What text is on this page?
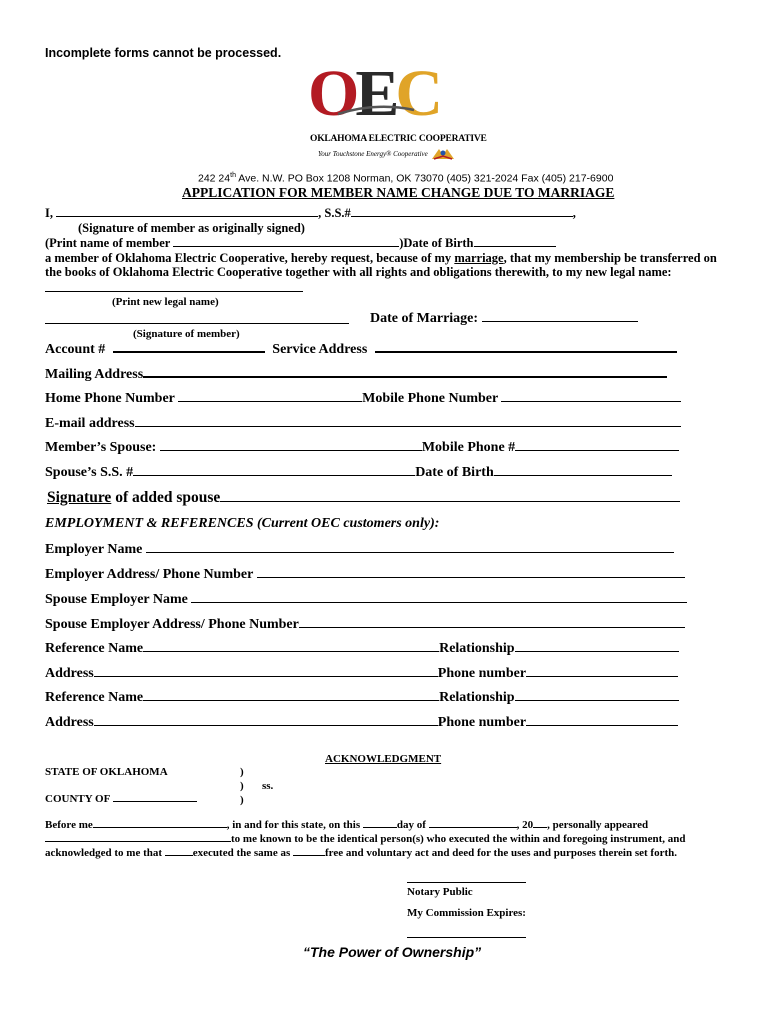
Incomplete forms cannot be processed.
OEC
OKLAHOMA ELECTRIC COOPERATIVE
Your Touchstone Energy® Cooperative
242 24th Ave. N.W. PO Box 1208 Norman, OK 73070 (405) 321-2024 Fax (405) 217-6900
APPLICATION FOR MEMBER NAME CHANGE DUE TO MARRIAGE
I,	, S.S.#	,
(Signature of member as originally signed)
(Print name of member	)Date of Birth
a member of Oklahoma Electric Cooperative, hereby request, because of my marriage, that my membership be transferred on
the books of Oklahoma Electric Cooperative together with all rights and obligations therewith, to my new legal name:
(Print new legal name)
Date of Marriage:
(Signature of member)
Account #	Service Address
Mailing Address
Home Phone Number	Mobile Phone Number
E-mail address
Member’s Spouse:	Mobile Phone #
Spouse’s S.S. #	Date of Birth
Signature of added spouse
EMPLOYMENT & REFERENCES (Current OEC customers only):
Employer Name
Employer Address/ Phone Number
Spouse Employer Name
Spouse Employer Address/ Phone Number
Reference Name	Relationship
Address	Phone number
Reference Name	Relationship
Address	Phone number
ACKNOWLEDGMENT
STATE OF OKLAHOMA
COUNTY OF
)
)
)
ss.
Before me	, in and for this state, on this	day of	, 20 , personally appeared
to me known to be the identical person(s) who executed the within and foregoing instrument, and
acknowledged to me that	executed the same as	free and voluntary act and deed for the uses and purposes therein set forth.
Notary Public
My Commission Expires:
“The Power of Ownership”
